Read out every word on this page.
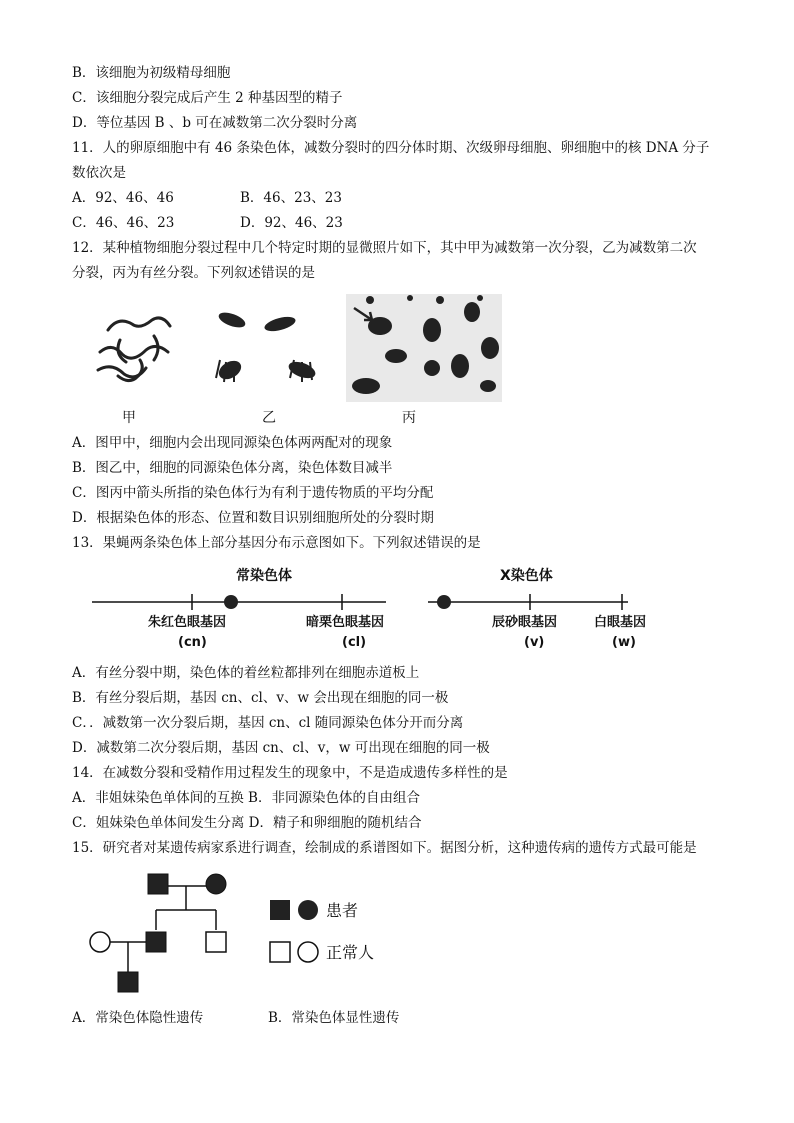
B．该细胞为初级精母细胞
C．该细胞分裂完成后产生 2 种基因型的精子
D．等位基因 B 、b 可在减数第二次分裂时分离
11．人的卵原细胞中有 46 条染色体，减数分裂时的四分体时期、次级卵母细胞、卵细胞中的核 DNA 分子
数依次是
A．92、46、46	B．46、23、23
C．46、46、23	D．92、46、23
12．某种植物细胞分裂过程中几个特定时期的显微照片如下，其中甲为减数第一次分裂，乙为减数第二次
分裂，丙为有丝分裂。下列叙述错误的是
甲	乙	丙
A．图甲中，细胞内会出现同源染色体两两配对的现象
B．图乙中，细胞的同源染色体分离，染色体数目减半
C．图丙中箭头所指的染色体行为有利于遗传物质的平均分配
D．根据染色体的形态、位置和数目识别细胞所处的分裂时期
13．果蝇两条染色体上部分基因分布示意图如下。下列叙述错误的是
常染色体
朱红色眼基因
(cn)
暗栗色眼基因
(cl)
X染色体
辰砂眼基因
(v)
白眼基因
(w)
A．有丝分裂中期，染色体的着丝粒都排列在细胞赤道板上
B．有丝分裂后期，基因 cn、cl、v、w 会出现在细胞的同一极
C．．减数第一次分裂后期，基因 cn、cl 随同源染色体分开而分离
D．减数第二次分裂后期，基因 cn、cl、v，w 可出现在细胞的同一极
14．在减数分裂和受精作用过程发生的现象中，不是造成遗传多样性的是
A．非姐妹染色单体间的互换 B．非同源染色体的自由组合
C．姐妹染色单体间发生分离 D．精子和卵细胞的随机结合
15．研究者对某遗传病家系进行调查，绘制成的系谱图如下。据图分析，这种遗传病的遗传方式最可能是
患者
正常人
A．常染色体隐性遗传	B．常染色体显性遗传
